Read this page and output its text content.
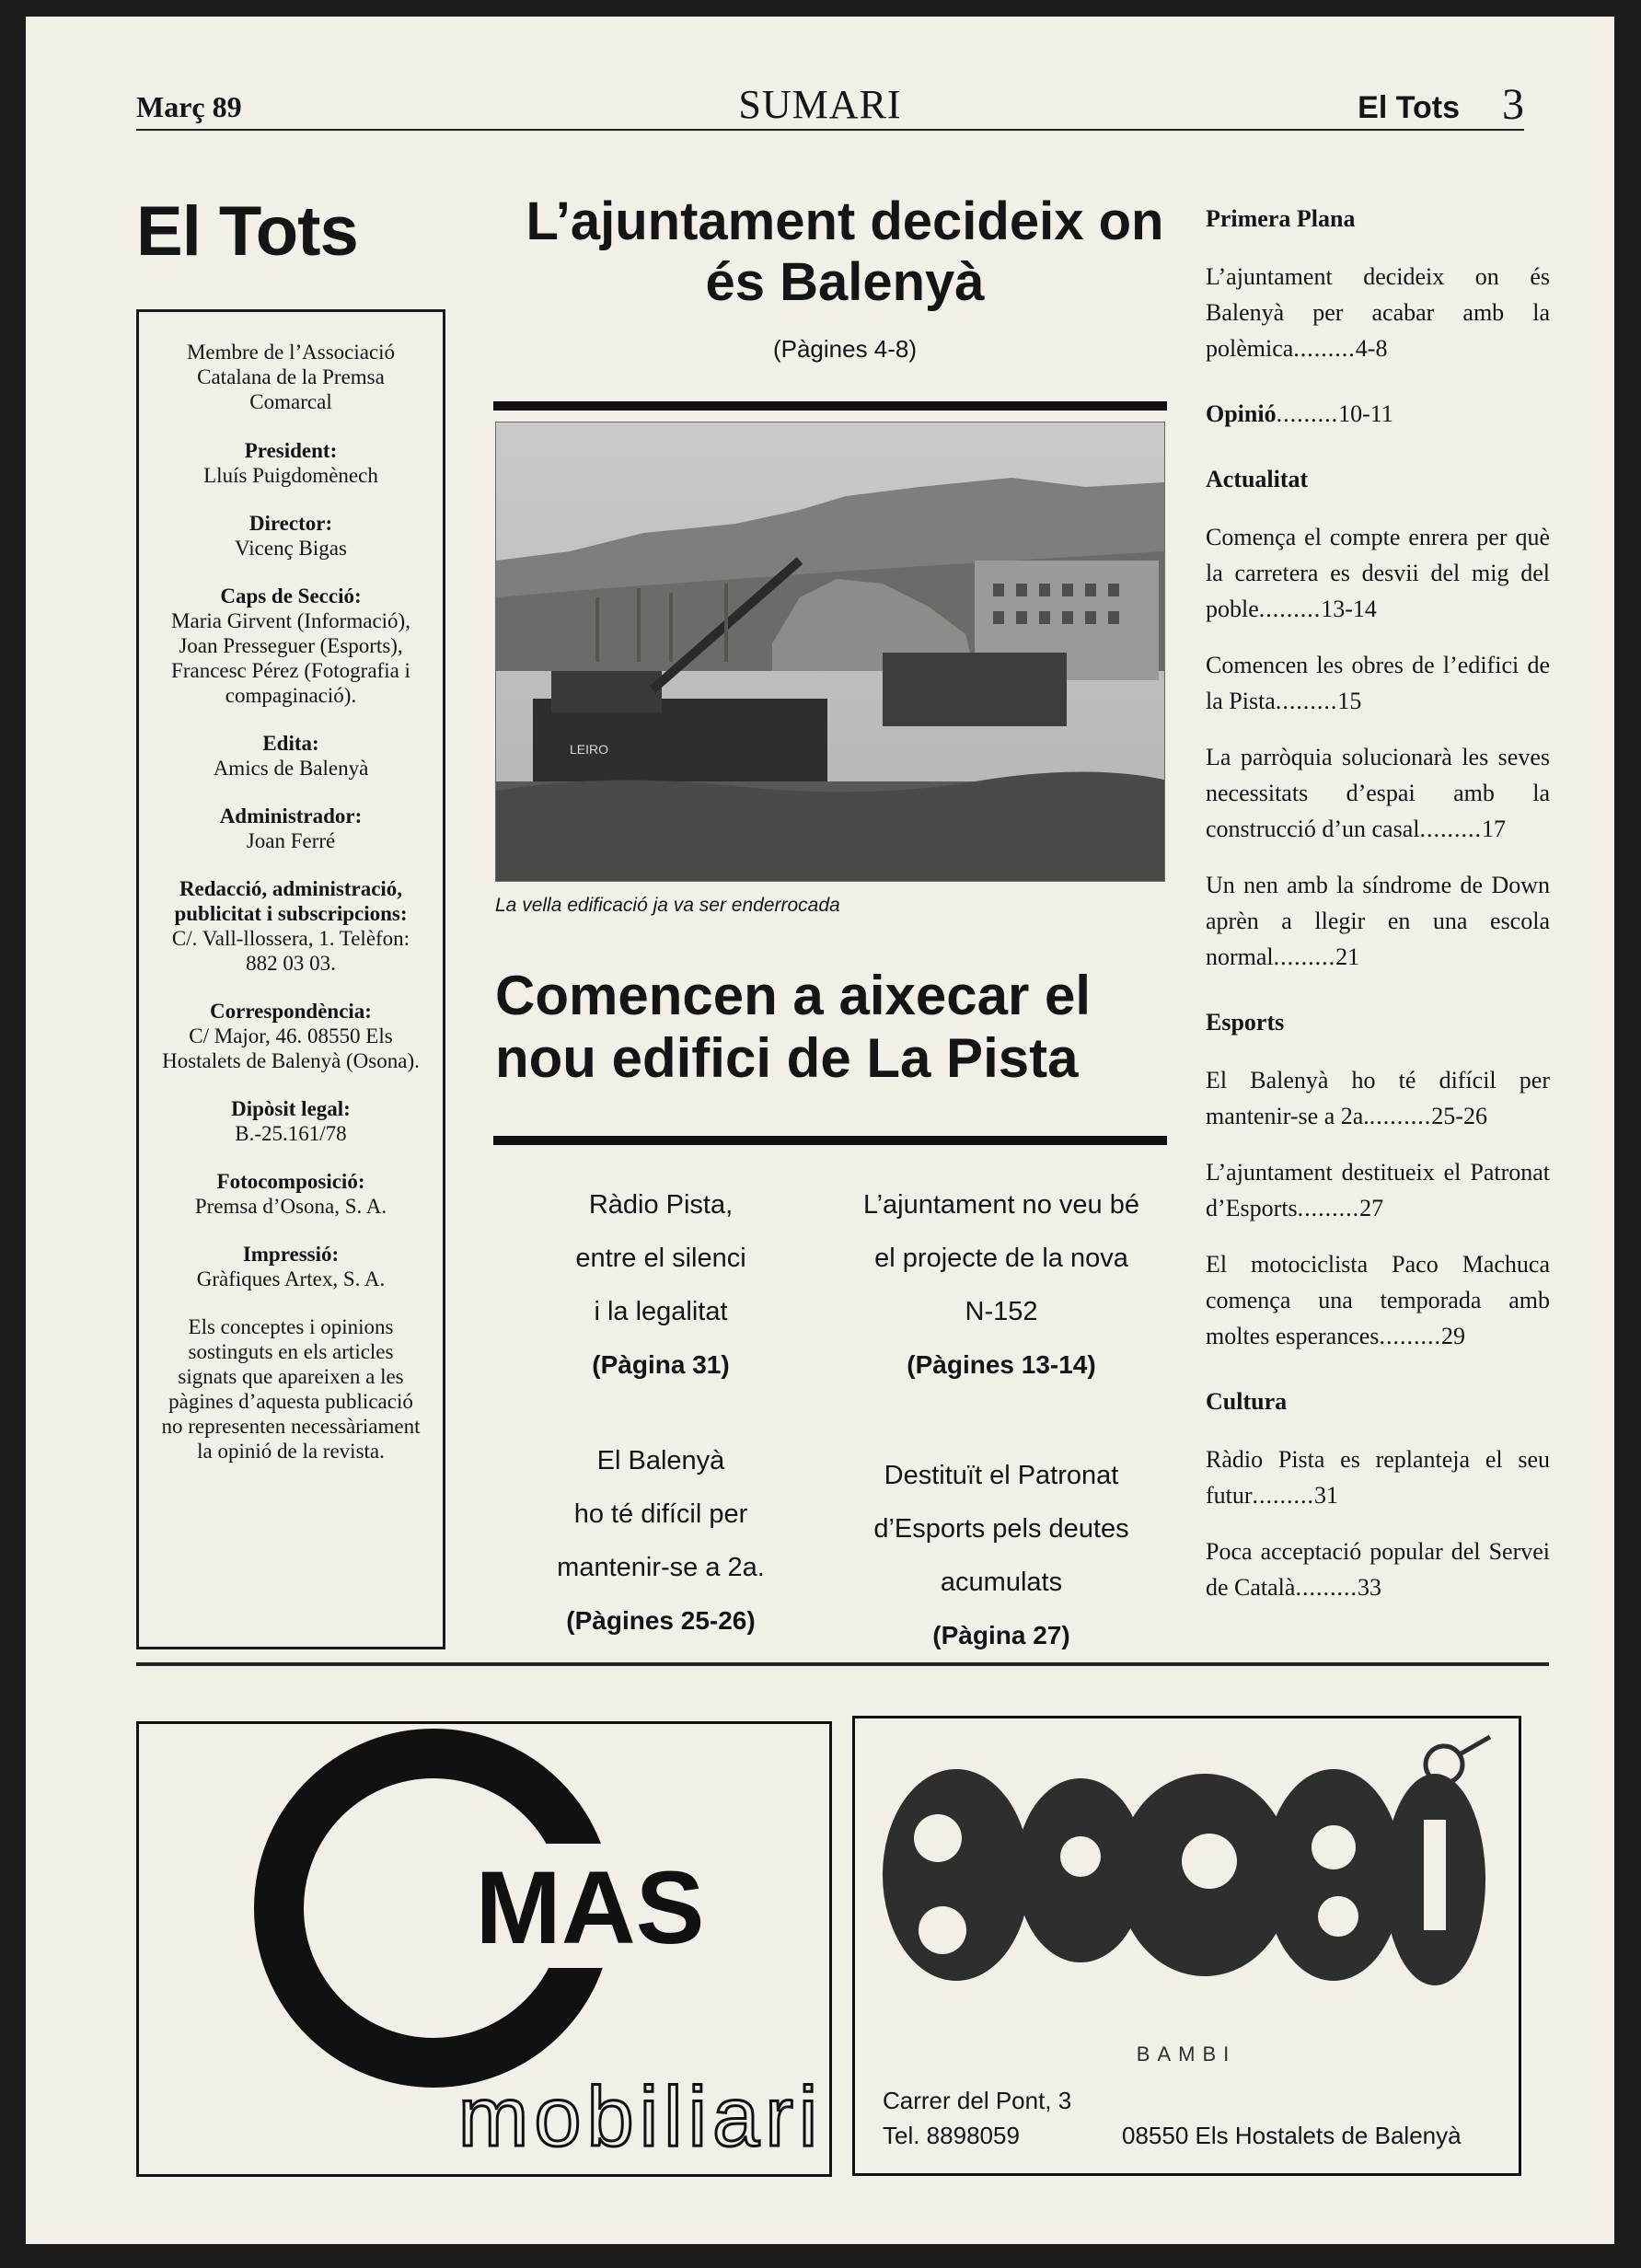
Març 89	SUMARI	El Tots 3
El Tots
Membre de l’Associació Catalana de la Premsa Comarcal
President:
Lluís Puigdomènech
Director:
Vicenç Bigas
Caps de Secció:
Maria Girvent (Informació), Joan Presseguer (Esports), Francesc Pérez (Fotografia i compaginació).
Edita:
Amics de Balenyà
Administrador:
Joan Ferré
Redacció, administració, publicitat i subscripcions:
C/. Vall-llossera, 1. Telèfon: 882 03 03.
Correspondència:
C/ Major, 46. 08550 Els Hostalets de Balenyà (Osona).
Dipòsit legal:
B.-25.161/78
Fotocomposició:
Premsa d’Osona, S. A.
Impressió:
Gràfiques Artex, S. A.
Els conceptes i opinions sostinguts en els articles signats que apareixen a les pàgines d’aquesta publicació no representen necessàriament la opinió de la revista.
L’ajuntament decideix on és Balenyà
(Pàgines 4-8)
LEIRO
La vella edificació ja va ser enderrocada
Comencen a aixecar el nou edifici de La Pista
Ràdio Pista,
entre el silenci
i la legalitat
(Pàgina 31)
L’ajuntament no veu bé
el projecte de la nova
N-152
(Pàgines 13-14)
El Balenyà
ho té difícil per
mantenir-se a 2a.
(Pàgines 25-26)
Destituït el Patronat
d’Esports pels deutes
acumulats
(Pàgina 27)
Primera Plana
L’ajuntament decideix on és Balenyà per acabar amb la polèmica.........4-8
Opinió.........10-11
Actualitat
Comença el compte enrera per què la carretera es desvii del mig del poble.........13-14
Comencen les obres de l’edifici de la Pista.........15
La parròquia solucionarà les seves necessitats d’espai amb la construcció d’un casal.........17
Un nen amb la síndrome de Down aprèn a llegir en una escola normal.........21
Esports
El Balenyà ho té difícil per mantenir-se a 2a..........25-26
L’ajuntament destitueix el Patronat d’Esports.........27
El motociclista Paco Machuca comença una temporada amb moltes esperances.........29
Cultura
Ràdio Pista es replanteja el seu futur.........31
Poca acceptació popular del Servei de Català.........33
MAS
®
mobiliari
BAMBI
Carrer del Pont, 3
Tel. 8898059	08550 Els Hostalets de Balenyà
